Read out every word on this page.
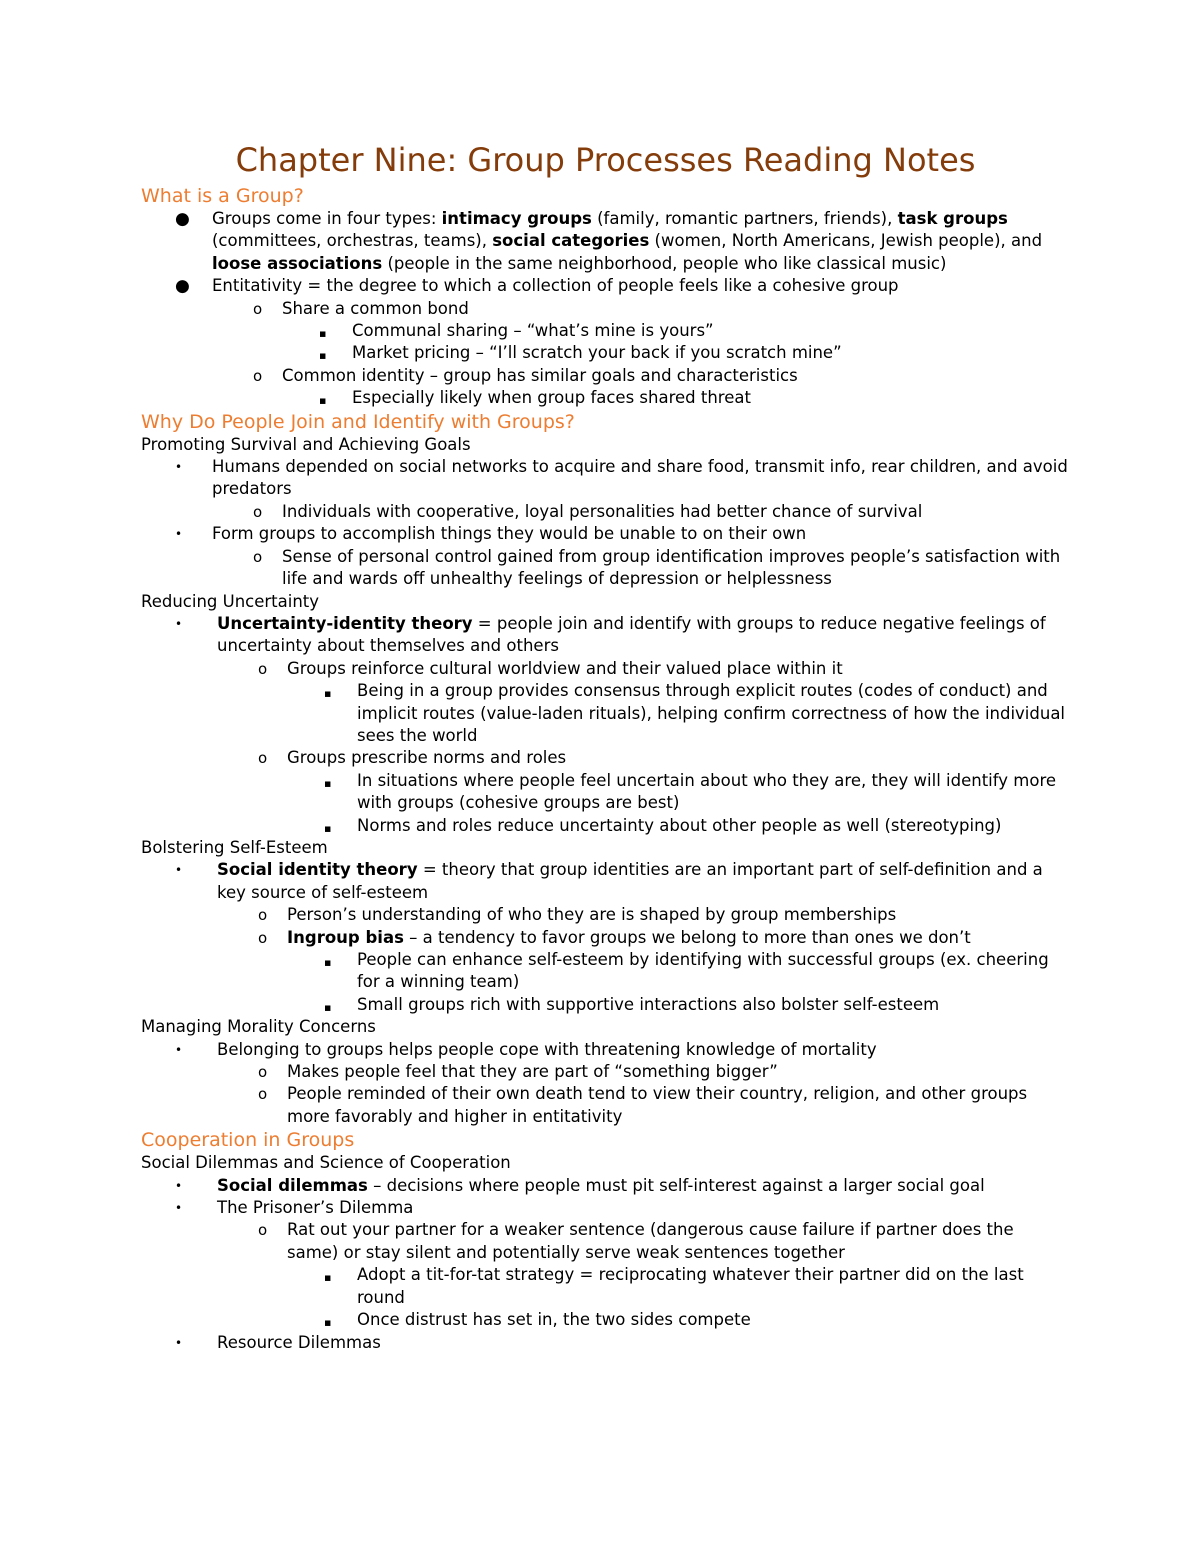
Chapter Nine: Group Processes Reading Notes
What is a Group?
● Groups come in four types: intimacy groups (family, romantic partners, friends), task groups (committees, orchestras, teams), social categories (women, North Americans, Jewish people), and loose associations (people in the same neighborhood, people who like classical music)
● Entitativity = the degree to which a collection of people feels like a cohesive group
o Share a common bond
▪ Communal sharing – “what’s mine is yours”
▪ Market pricing – “I’ll scratch your back if you scratch mine”
o Common identity – group has similar goals and characteristics
▪ Especially likely when group faces shared threat
Why Do People Join and Identify with Groups?

Promoting Survival and Achieving Goals

• Humans depended on social networks to acquire and share food, transmit info, rear children, and avoid predators
o Individuals with cooperative, loyal personalities had better chance of survival
• Form groups to accomplish things they would be unable to on their own
o Sense of personal control gained from group identification improves people’s satisfaction with life and wards off unhealthy feelings of depression or helplessness

Reducing Uncertainty

• Uncertainty-identity theory = people join and identify with groups to reduce negative feelings of uncertainty about themselves and others
o Groups reinforce cultural worldview and their valued place within it
▪ Being in a group provides consensus through explicit routes (codes of conduct) and implicit routes (value-laden rituals), helping confirm correctness of how the individual sees the world
o Groups prescribe norms and roles
▪ In situations where people feel uncertain about who they are, they will identify more with groups (cohesive groups are best)
▪ Norms and roles reduce uncertainty about other people as well (stereotyping)

Bolstering Self-Esteem

• Social identity theory = theory that group identities are an important part of self-definition and a key source of self-esteem
o Person’s understanding of who they are is shaped by group memberships
o Ingroup bias – a tendency to favor groups we belong to more than ones we don’t
▪ People can enhance self-esteem by identifying with successful groups (ex. cheering for a winning team)
▪ Small groups rich with supportive interactions also bolster self-esteem

Managing Morality Concerns

• Belonging to groups helps people cope with threatening knowledge of mortality
o Makes people feel that they are part of “something bigger”
o People reminded of their own death tend to view their country, religion, and other groups more favorably and higher in entitativity
Cooperation in Groups

Social Dilemmas and Science of Cooperation

• Social dilemmas – decisions where people must pit self-interest against a larger social goal
• The Prisoner’s Dilemma
o Rat out your partner for a weaker sentence (dangerous cause failure if partner does the same) or stay silent and potentially serve weak sentences together
▪ Adopt a tit-for-tat strategy = reciprocating whatever their partner did on the last round
▪ Once distrust has set in, the two sides compete
• Resource Dilemmas
